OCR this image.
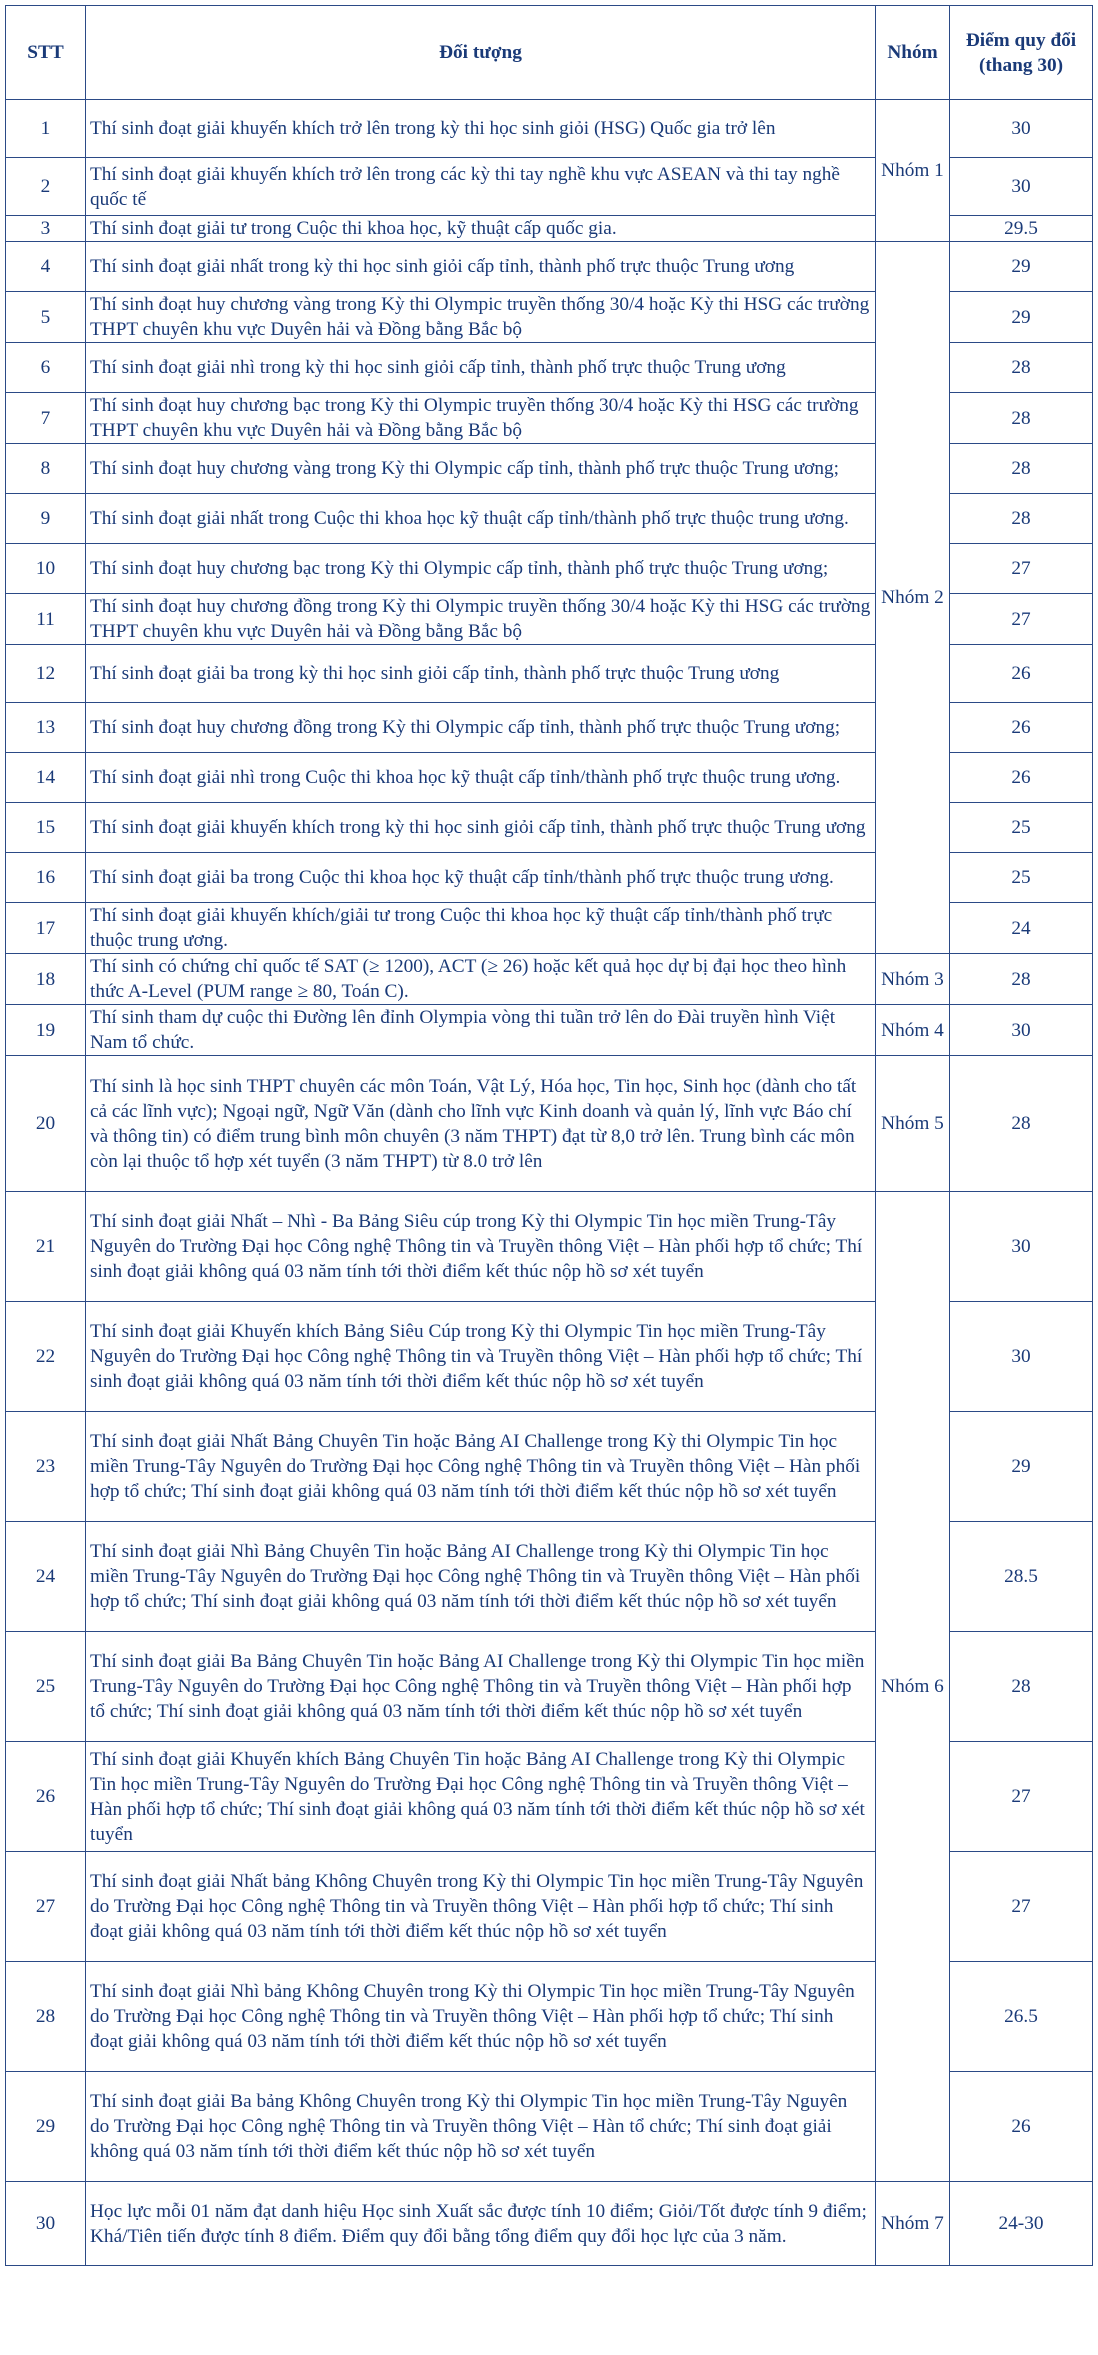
STT	Đối tượng	Nhóm	Điểm quy đổi (thang 30)
1	Thí sinh đoạt giải khuyến khích trở lên trong kỳ thi học sinh giỏi (HSG) Quốc gia trở lên	Nhóm 1	30
2	Thí sinh đoạt giải khuyến khích trở lên trong các kỳ thi tay nghề khu vực ASEAN và thi tay nghề quốc tế		30
3	Thí sinh đoạt giải tư trong Cuộc thi khoa học, kỹ thuật cấp quốc gia.		29.5
4	Thí sinh đoạt giải nhất trong kỳ thi học sinh giỏi cấp tỉnh, thành phố trực thuộc Trung ương	Nhóm 2	29
5	Thí sinh đoạt huy chương vàng trong Kỳ thi Olympic truyền thống 30/4 hoặc Kỳ thi HSG các trường THPT chuyên khu vực Duyên hải và Đồng bằng Bắc bộ		29
6	Thí sinh đoạt giải nhì trong kỳ thi học sinh giỏi cấp tỉnh, thành phố trực thuộc Trung ương		28
7	Thí sinh đoạt huy chương bạc trong Kỳ thi Olympic truyền thống 30/4 hoặc Kỳ thi HSG các trường THPT chuyên khu vực Duyên hải và Đồng bằng Bắc bộ		28
8	Thí sinh đoạt huy chương vàng trong Kỳ thi Olympic cấp tỉnh, thành phố trực thuộc Trung ương;		28
9	Thí sinh đoạt giải nhất trong Cuộc thi khoa học kỹ thuật cấp tỉnh/thành phố trực thuộc trung ương.		28
10	Thí sinh đoạt huy chương bạc trong Kỳ thi Olympic cấp tỉnh, thành phố trực thuộc Trung ương;		27
11	Thí sinh đoạt huy chương đồng trong Kỳ thi Olympic truyền thống 30/4 hoặc Kỳ thi HSG các trường THPT chuyên khu vực Duyên hải và Đồng bằng Bắc bộ		27
12	Thí sinh đoạt giải ba trong kỳ thi học sinh giỏi cấp tỉnh, thành phố trực thuộc Trung ương		26
13	Thí sinh đoạt huy chương đồng trong Kỳ thi Olympic cấp tỉnh, thành phố trực thuộc Trung ương;		26
14	Thí sinh đoạt giải nhì trong Cuộc thi khoa học kỹ thuật cấp tỉnh/thành phố trực thuộc trung ương.		26
15	Thí sinh đoạt giải khuyến khích trong kỳ thi học sinh giỏi cấp tỉnh, thành phố trực thuộc Trung ương		25
16	Thí sinh đoạt giải ba trong Cuộc thi khoa học kỹ thuật cấp tỉnh/thành phố trực thuộc trung ương.		25
17	Thí sinh đoạt giải khuyến khích/giải tư trong Cuộc thi khoa học kỹ thuật cấp tỉnh/thành phố trực thuộc trung ương.		24
18	Thí sinh có chứng chỉ quốc tế SAT (≥ 1200), ACT (≥ 26) hoặc kết quả học dự bị đại học theo hình thức A-Level (PUM range ≥ 80, Toán C).	Nhóm 3	28
19	Thí sinh tham dự cuộc thi Đường lên đỉnh Olympia vòng thi tuần trở lên do Đài truyền hình Việt Nam tổ chức.	Nhóm 4	30
20	Thí sinh là học sinh THPT chuyên các môn Toán, Vật Lý, Hóa học, Tin học, Sinh học (dành cho tất cả các lĩnh vực); Ngoại ngữ, Ngữ Văn (dành cho lĩnh vực Kinh doanh và quản lý, lĩnh vực Báo chí và thông tin) có điểm trung bình môn chuyên (3 năm THPT) đạt từ 8,0 trở lên. Trung bình các môn còn lại thuộc tổ hợp xét tuyển (3 năm THPT) từ 8.0 trở lên	Nhóm 5	28
21	Thí sinh đoạt giải Nhất – Nhì - Ba Bảng Siêu cúp trong Kỳ thi Olympic Tin học miền Trung-Tây Nguyên do Trường Đại học Công nghệ Thông tin và Truyền thông Việt – Hàn phối hợp tổ chức; Thí sinh đoạt giải không quá 03 năm tính tới thời điểm kết thúc nộp hồ sơ xét tuyển	Nhóm 6	30
22	Thí sinh đoạt giải Khuyến khích Bảng Siêu Cúp trong Kỳ thi Olympic Tin học miền Trung-Tây Nguyên do Trường Đại học Công nghệ Thông tin và Truyền thông Việt – Hàn phối hợp tổ chức; Thí sinh đoạt giải không quá 03 năm tính tới thời điểm kết thúc nộp hồ sơ xét tuyển		30
23	Thí sinh đoạt giải Nhất Bảng Chuyên Tin hoặc Bảng AI Challenge trong Kỳ thi Olympic Tin học miền Trung-Tây Nguyên do Trường Đại học Công nghệ Thông tin và Truyền thông Việt – Hàn phối hợp tổ chức; Thí sinh đoạt giải không quá 03 năm tính tới thời điểm kết thúc nộp hồ sơ xét tuyển		29
24	Thí sinh đoạt giải Nhì Bảng Chuyên Tin hoặc Bảng AI Challenge trong Kỳ thi Olympic Tin học miền Trung-Tây Nguyên do Trường Đại học Công nghệ Thông tin và Truyền thông Việt – Hàn phối hợp tổ chức; Thí sinh đoạt giải không quá 03 năm tính tới thời điểm kết thúc nộp hồ sơ xét tuyển		28.5
25	Thí sinh đoạt giải Ba Bảng Chuyên Tin hoặc Bảng AI Challenge trong Kỳ thi Olympic Tin học miền Trung-Tây Nguyên do Trường Đại học Công nghệ Thông tin và Truyền thông Việt – Hàn phối hợp tổ chức; Thí sinh đoạt giải không quá 03 năm tính tới thời điểm kết thúc nộp hồ sơ xét tuyển		28
26	Thí sinh đoạt giải Khuyến khích Bảng Chuyên Tin hoặc Bảng AI Challenge trong Kỳ thi Olympic Tin học miền Trung-Tây Nguyên do Trường Đại học Công nghệ Thông tin và Truyền thông Việt – Hàn phối hợp tổ chức; Thí sinh đoạt giải không quá 03 năm tính tới thời điểm kết thúc nộp hồ sơ xét tuyển		27
27	Thí sinh đoạt giải Nhất bảng Không Chuyên trong Kỳ thi Olympic Tin học miền Trung-Tây Nguyên do Trường Đại học Công nghệ Thông tin và Truyền thông Việt – Hàn phối hợp tổ chức; Thí sinh đoạt giải không quá 03 năm tính tới thời điểm kết thúc nộp hồ sơ xét tuyển		27
28	Thí sinh đoạt giải Nhì bảng Không Chuyên trong Kỳ thi Olympic Tin học miền Trung-Tây Nguyên do Trường Đại học Công nghệ Thông tin và Truyền thông Việt – Hàn phối hợp tổ chức; Thí sinh đoạt giải không quá 03 năm tính tới thời điểm kết thúc nộp hồ sơ xét tuyển		26.5
29	Thí sinh đoạt giải Ba bảng Không Chuyên trong Kỳ thi Olympic Tin học miền Trung-Tây Nguyên do Trường Đại học Công nghệ Thông tin và Truyền thông Việt – Hàn tổ chức; Thí sinh đoạt giải không quá 03 năm tính tới thời điểm kết thúc nộp hồ sơ xét tuyển		26
30	Học lực mỗi 01 năm đạt danh hiệu Học sinh Xuất sắc được tính 10 điểm; Giỏi/Tốt được tính 9 điểm; Khá/Tiên tiến được tính 8 điểm. Điểm quy đổi bằng tổng điểm quy đổi học lực của 3 năm.	Nhóm 7	24-30
